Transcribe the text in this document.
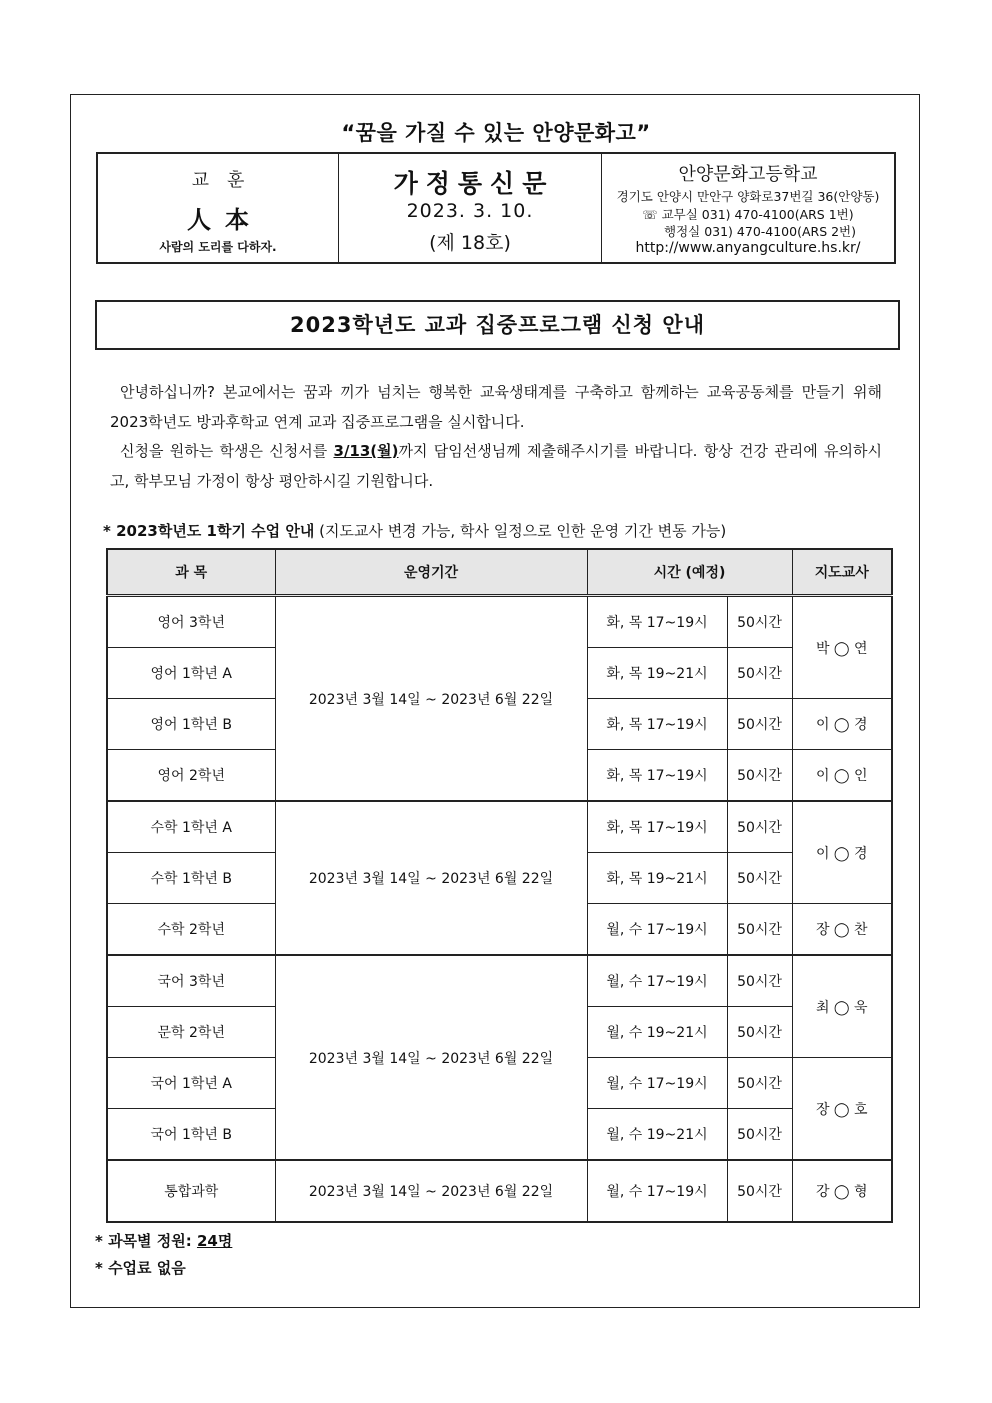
“꿈을 가질 수 있는 안양문화고”
교훈
人本
사람의 도리를 다하자.
가정통신문
2023. 3. 10.
(제 18호)
안양문화고등학교
경기도 안양시 만안구 양화로37번길 36(안양동)
☏ 교무실 031) 470-4100(ARS 1번)
행정실 031) 470-4100(ARS 2번)
http://www.anyangculture.hs.kr/
2023학년도 교과 집중프로그램 신청 안내

안녕하십니까? 본교에서는 꿈과 끼가 넘치는 행복한 교육생태계를 구축하고 함께하는 교육공동체를 만들기 위해 2023학년도 방과후학교 연계 교과 집중프로그램을 실시합니다.

신청을 원하는 학생은 신청서를 3/13(월)까지 담임선생님께 제출해주시기를 바랍니다. 항상 건강 관리에 유의하시고, 학부모님 가정이 항상 평안하시길 기원합니다.

* 2023학년도 1학기 수업 안내 (지도교사 변경 가능, 학사 일정으로 인한 운영 기간 변동 가능)
과 목	운영기간	시간 (예정)		지도교사
영어 3학년	2023년 3월 14일 ~ 2023년 6월 22일	화, 목 17~19시	50시간	박 ◯ 연
영어 1학년 A		화, 목 19~21시	50시간	
영어 1학년 B		화, 목 17~19시	50시간	이 ◯ 경
영어 2학년		화, 목 17~19시	50시간	이 ◯ 인
수학 1학년 A	2023년 3월 14일 ~ 2023년 6월 22일	화, 목 17~19시	50시간	이 ◯ 경
수학 1학년 B		화, 목 19~21시	50시간	
수학 2학년		월, 수 17~19시	50시간	장 ◯ 찬
국어 3학년	2023년 3월 14일 ~ 2023년 6월 22일	월, 수 17~19시	50시간	최 ◯ 욱
문학 2학년		월, 수 19~21시	50시간	
국어 1학년 A		월, 수 17~19시	50시간	장 ◯ 호
국어 1학년 B		월, 수 19~21시	50시간	
통합과학	2023년 3월 14일 ~ 2023년 6월 22일	월, 수 17~19시	50시간	강 ◯ 형
* 과목별 정원: 24명
* 수업료 없음
